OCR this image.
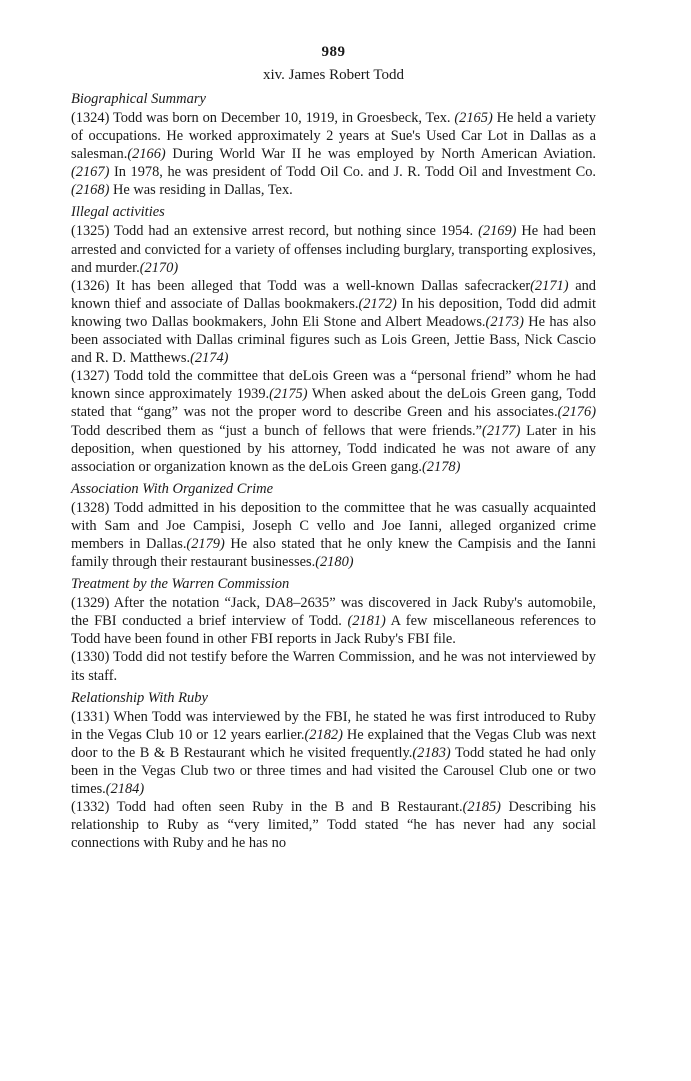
989
xiv. James Robert Todd
Biographical Summary

(1324) Todd was born on December 10, 1919, in Groesbeck, Tex. (2165) He held a variety of occupations. He worked approximately 2 years at Sue's Used Car Lot in Dallas as a salesman.(2166) During World War II he was employed by North American Aviation.(2167) In 1978, he was president of Todd Oil Co. and J. R. Todd Oil and Investment Co.(2168) He was residing in Dallas, Tex.

Illegal activities

(1325) Todd had an extensive arrest record, but nothing since 1954. (2169) He had been arrested and convicted for a variety of offenses including burglary, transporting explosives, and murder.(2170)

(1326) It has been alleged that Todd was a well-known Dallas safecracker(2171) and known thief and associate of Dallas bookmakers.(2172) In his deposition, Todd did admit knowing two Dallas bookmakers, John Eli Stone and Albert Meadows.(2173) He has also been associated with Dallas criminal figures such as Lois Green, Jettie Bass, Nick Cascio and R. D. Matthews.(2174)

(1327) Todd told the committee that deLois Green was a “personal friend” whom he had known since approximately 1939.(2175) When asked about the deLois Green gang, Todd stated that “gang” was not the proper word to describe Green and his associates.(2176) Todd described them as “just a bunch of fellows that were friends.”(2177) Later in his deposition, when questioned by his attorney, Todd indicated he was not aware of any association or organization known as the deLois Green gang.(2178)

Association With Organized Crime

(1328) Todd admitted in his deposition to the committee that he was casually acquainted with Sam and Joe Campisi, Joseph C vello and Joe Ianni, alleged organized crime members in Dallas.(2179) He also stated that he only knew the Campisis and the Ianni family through their restaurant businesses.(2180)

Treatment by the Warren Commission

(1329) After the notation “Jack, DA8–2635” was discovered in Jack Ruby's automobile, the FBI conducted a brief interview of Todd. (2181) A few miscellaneous references to Todd have been found in other FBI reports in Jack Ruby's FBI file.

(1330) Todd did not testify before the Warren Commission, and he was not interviewed by its staff.

Relationship With Ruby

(1331) When Todd was interviewed by the FBI, he stated he was first introduced to Ruby in the Vegas Club 10 or 12 years earlier.(2182) He explained that the Vegas Club was next door to the B & B Restaurant which he visited frequently.(2183) Todd stated he had only been in the Vegas Club two or three times and had visited the Carousel Club one or two times.(2184)

(1332) Todd had often seen Ruby in the B and B Restaurant.(2185) Describing his relationship to Ruby as “very limited,” Todd stated “he has never had any social connections with Ruby and he has no
